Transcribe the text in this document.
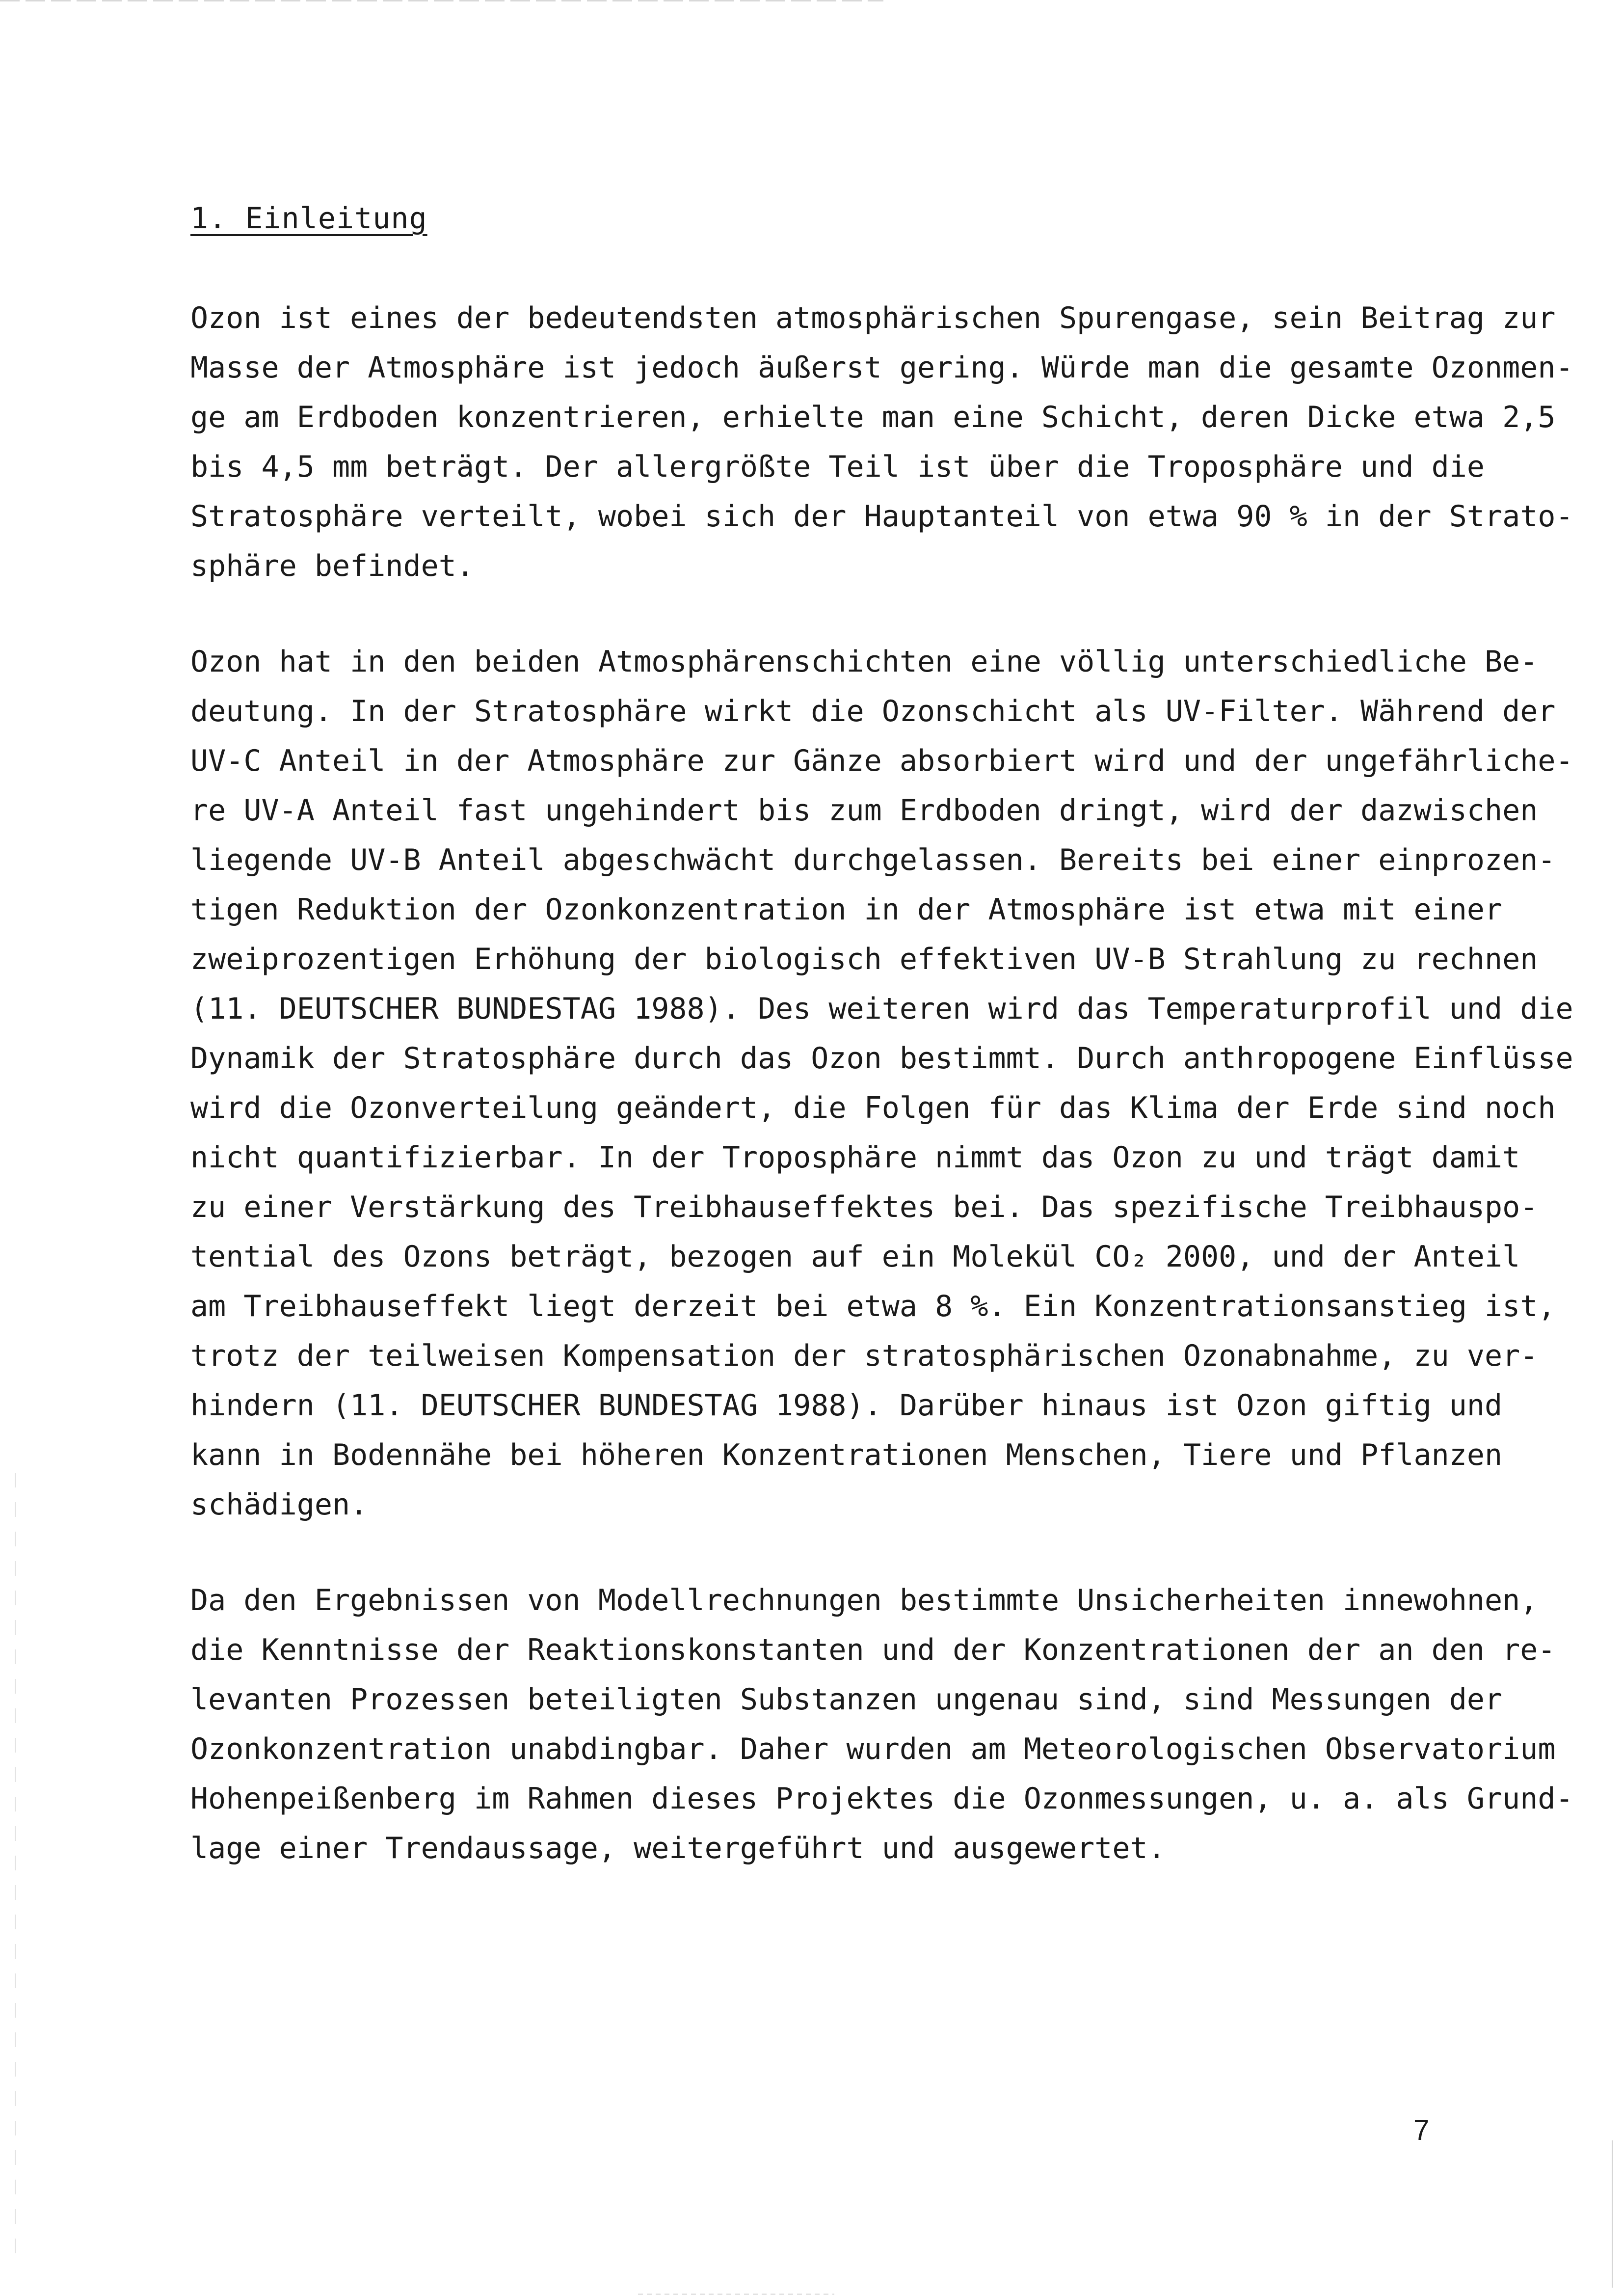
1. Einleitung
Ozon ist eines der bedeutendsten atmosphärischen Spurengase, sein Beitrag zur
Masse der Atmosphäre ist jedoch äußerst gering. Würde man die gesamte Ozonmen-
ge am Erdboden konzentrieren, erhielte man eine Schicht, deren Dicke etwa 2,5
bis 4,5 mm beträgt. Der allergrößte Teil ist über die Troposphäre und die
Stratosphäre verteilt, wobei sich der Hauptanteil von etwa 90 % in der Strato-
sphäre befindet.
Ozon hat in den beiden Atmosphärenschichten eine völlig unterschiedliche Be-
deutung. In der Stratosphäre wirkt die Ozonschicht als UV-Filter. Während der
UV-C Anteil in der Atmosphäre zur Gänze absorbiert wird und der ungefährliche-
re UV-A Anteil fast ungehindert bis zum Erdboden dringt, wird der dazwischen
liegende UV-B Anteil abgeschwächt durchgelassen. Bereits bei einer einprozen-
tigen Reduktion der Ozonkonzentration in der Atmosphäre ist etwa mit einer
zweiprozentigen Erhöhung der biologisch effektiven UV-B Strahlung zu rechnen
(11. DEUTSCHER BUNDESTAG 1988). Des weiteren wird das Temperaturprofil und die
Dynamik der Stratosphäre durch das Ozon bestimmt. Durch anthropogene Einflüsse
wird die Ozonverteilung geändert, die Folgen für das Klima der Erde sind noch
nicht quantifizierbar. In der Troposphäre nimmt das Ozon zu und trägt damit
zu einer Verstärkung des Treibhauseffektes bei. Das spezifische Treibhauspo-
tential des Ozons beträgt, bezogen auf ein Molekül CO₂ 2000, und der Anteil
am Treibhauseffekt liegt derzeit bei etwa 8 %. Ein Konzentrationsanstieg ist,
trotz der teilweisen Kompensation der stratosphärischen Ozonabnahme, zu ver-
hindern (11. DEUTSCHER BUNDESTAG 1988). Darüber hinaus ist Ozon giftig und
kann in Bodennähe bei höheren Konzentrationen Menschen, Tiere und Pflanzen
schädigen.
Da den Ergebnissen von Modellrechnungen bestimmte Unsicherheiten innewohnen,
die Kenntnisse der Reaktionskonstanten und der Konzentrationen der an den re-
levanten Prozessen beteiligten Substanzen ungenau sind, sind Messungen der
Ozonkonzentration unabdingbar. Daher wurden am Meteorologischen Observatorium
Hohenpeißenberg im Rahmen dieses Projektes die Ozonmessungen, u. a. als Grund-
lage einer Trendaussage, weitergeführt und ausgewertet.
7
